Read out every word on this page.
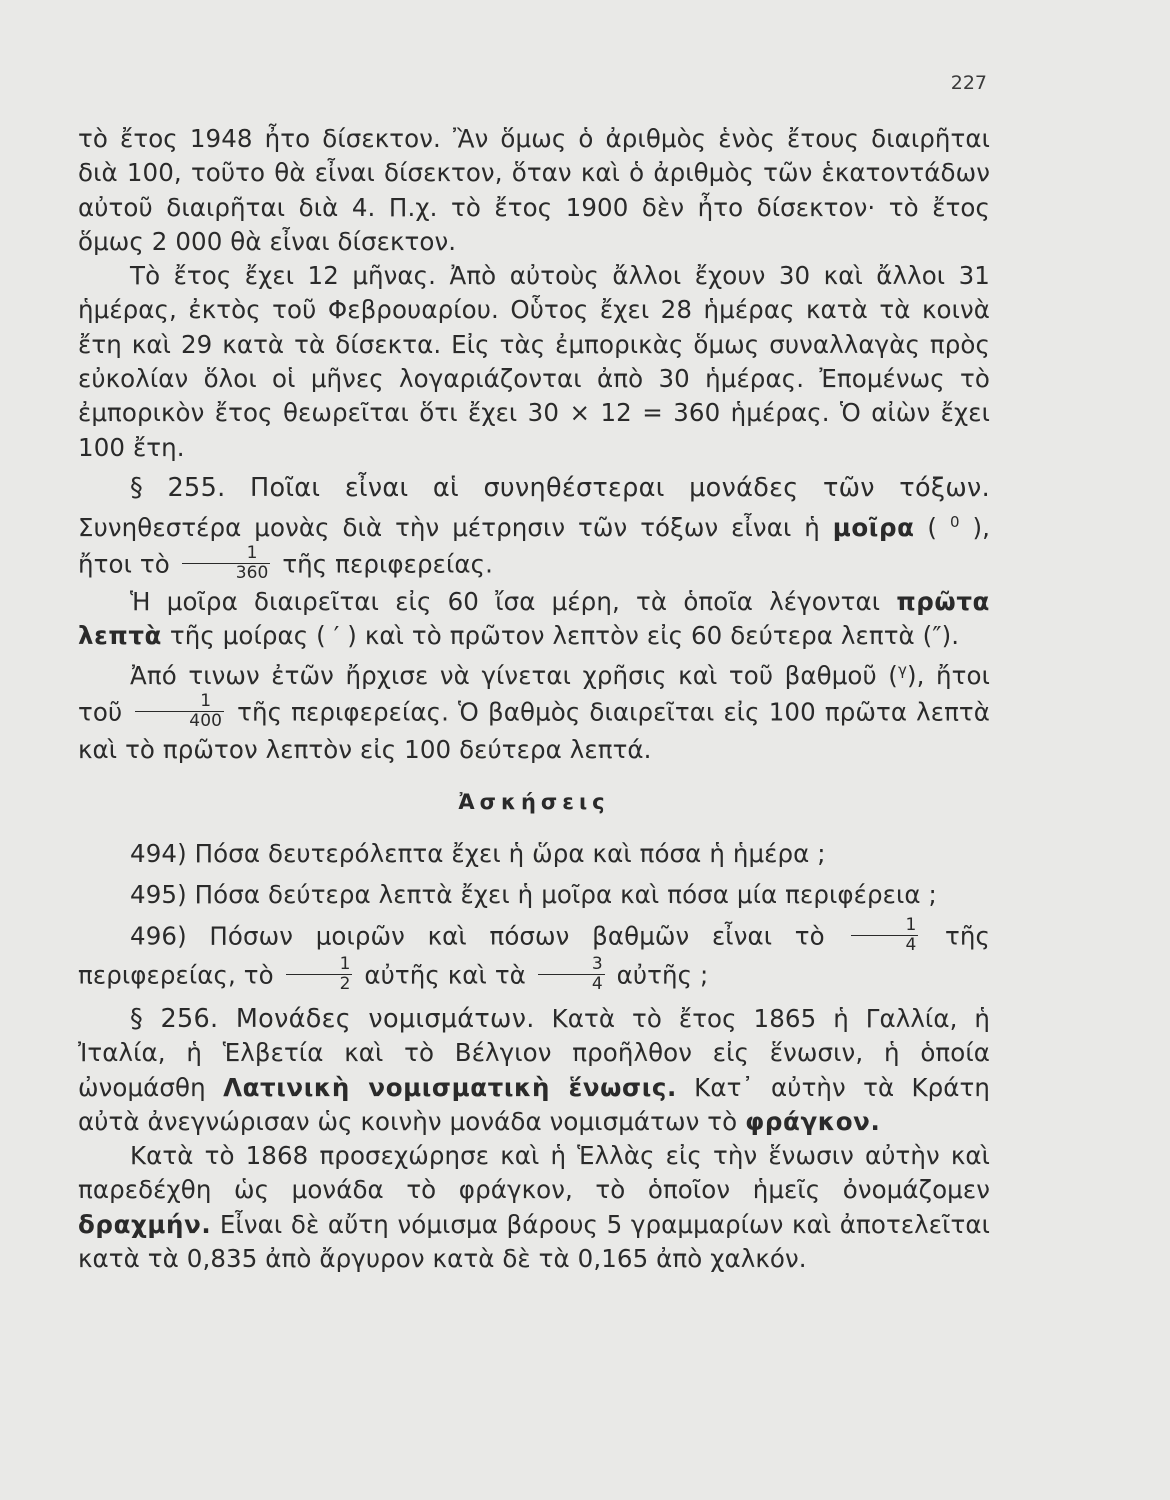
227

τὸ ἔτος 1948 ἦτο δίσεκτον. Ἂν ὅμως ὁ ἀριθμὸς ἑνὸς ἔτους διαιρῆται διὰ 100, τοῦτο θὰ εἶναι δίσεκτον, ὅταν καὶ ὁ ἀριθμὸς τῶν ἑκατοντάδων αὐτοῦ διαιρῆται διὰ 4. Π.χ. τὸ ἔτος 1900 δὲν ἦτο δίσεκτον· τὸ ἔτος ὅμως 2 000 θὰ εἶναι δίσεκτον.

Τὸ ἔτος ἔχει 12 μῆνας. Ἀπὸ αὐτοὺς ἄλλοι ἔχουν 30 καὶ ἄλλοι 31 ἡμέρας, ἐκτὸς τοῦ Φεβρουαρίου. Οὗτος ἔχει 28 ἡμέρας κατὰ τὰ κοινὰ ἔτη καὶ 29 κατὰ τὰ δίσεκτα. Εἰς τὰς ἐμπορικὰς ὅμως συναλλαγὰς πρὸς εὐκολίαν ὅλοι οἱ μῆνες λογαριάζονται ἀπὸ 30 ἡμέρας. Ἐπομένως τὸ ἐμπορικὸν ἔτος θεωρεῖται ὅτι ἔχει 30 × 12 = 360 ἡμέρας. Ὁ αἰὼν ἔχει 100 ἔτη.

§ 255. Ποῖαι εἶναι αἱ συνηθέστεραι μονάδες τῶν τόξων. Συνηθεστέρα μονὰς διὰ τὴν μέτρησιν τῶν τόξων εἶναι ἡ μοῖρα ( $^0$ ), ἤτοι τὸ $\frac{1}{360}$ τῆς περιφερείας.

Ἡ μοῖρα διαιρεῖται εἰς 60 ἴσα μέρη, τὰ ὁποῖα λέγονται πρῶτα λεπτὰ τῆς μοίρας ( ′ ) καὶ τὸ πρῶτον λεπτὸν εἰς 60 δεύτερα λεπτὰ (″).

Ἀπό τινων ἐτῶν ἤρχισε νὰ γίνεται χρῆσις καὶ τοῦ βαθμοῦ ($^\gamma$), ἤτοι τοῦ $\frac{1}{400}$ τῆς περιφερείας. Ὁ βαθμὸς διαιρεῖται εἰς 100 πρῶτα λεπτὰ καὶ τὸ πρῶτον λεπτὸν εἰς 100 δεύτερα λεπτά.

Ἀσκήσεις

494) Πόσα δευτερόλεπτα ἔχει ἡ ὥρα καὶ πόσα ἡ ἡμέρα ;

495) Πόσα δεύτερα λεπτὰ ἔχει ἡ μοῖρα καὶ πόσα μία περιφέρεια ;

496) Πόσων μοιρῶν καὶ πόσων βαθμῶν εἶναι τὸ $\frac{1}{4}$ τῆς περιφερείας, τὸ $\frac{1}{2}$ αὐτῆς καὶ τὰ $\frac{3}{4}$ αὐτῆς ;

§ 256. Μονάδες νομισμάτων. Κατὰ τὸ ἔτος 1865 ἡ Γαλλία, ἡ Ἰταλία, ἡ Ἑλβετία καὶ τὸ Βέλγιον προῆλθον εἰς ἕνωσιν, ἡ ὁποία ὠνομάσθη Λατινικὴ νομισματικὴ ἕνωσις. Κατ᾽ αὐτὴν τὰ Κράτη αὐτὰ ἀνεγνώρισαν ὡς κοινὴν μονάδα νομισμάτων τὸ φράγκον.

Κατὰ τὸ 1868 προσεχώρησε καὶ ἡ Ἑλλὰς εἰς τὴν ἕνωσιν αὐτὴν καὶ παρεδέχθη ὡς μονάδα τὸ φράγκον, τὸ ὁποῖον ἡμεῖς ὀνομάζομεν δραχμήν. Εἶναι δὲ αὔτη νόμισμα βάρους 5 γραμμαρίων καὶ ἀποτελεῖται κατὰ τὰ 0,835 ἀπὸ ἄργυρον κατὰ δὲ τὰ 0,165 ἀπὸ χαλκόν.
